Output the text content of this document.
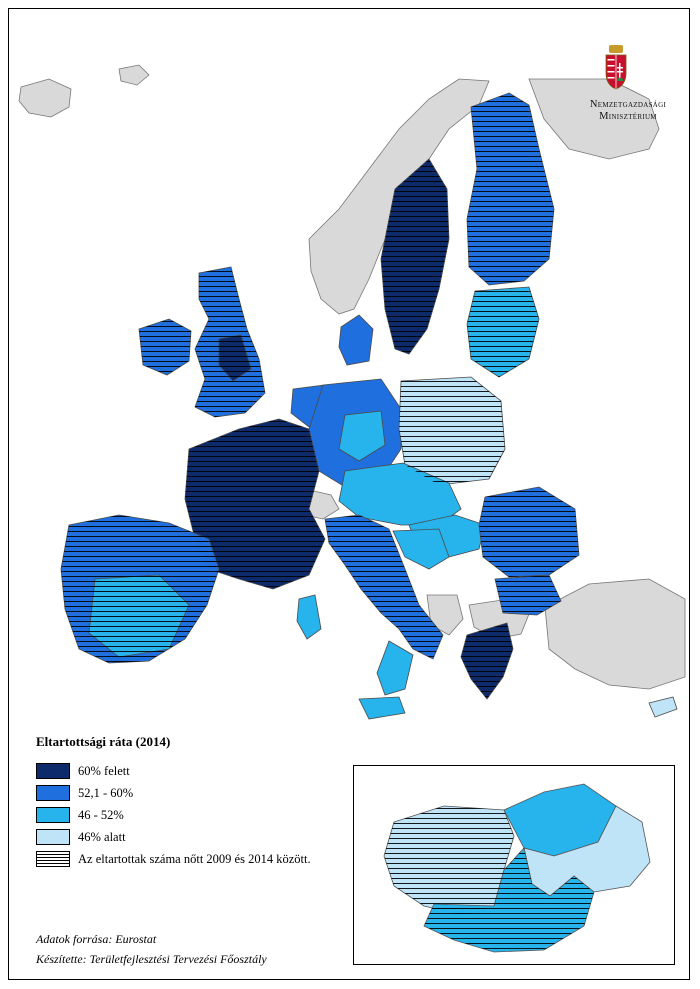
Nemzetgazdasági
Minisztérium
Eltartottsági ráta (2014)
60% felett
52,1 - 60%
46 - 52%
46% alatt
Az eltartottak száma nőtt 2009 és 2014 között.
Adatok forrása: Eurostat
Készítette: Területfejlesztési Tervezési Főosztály
